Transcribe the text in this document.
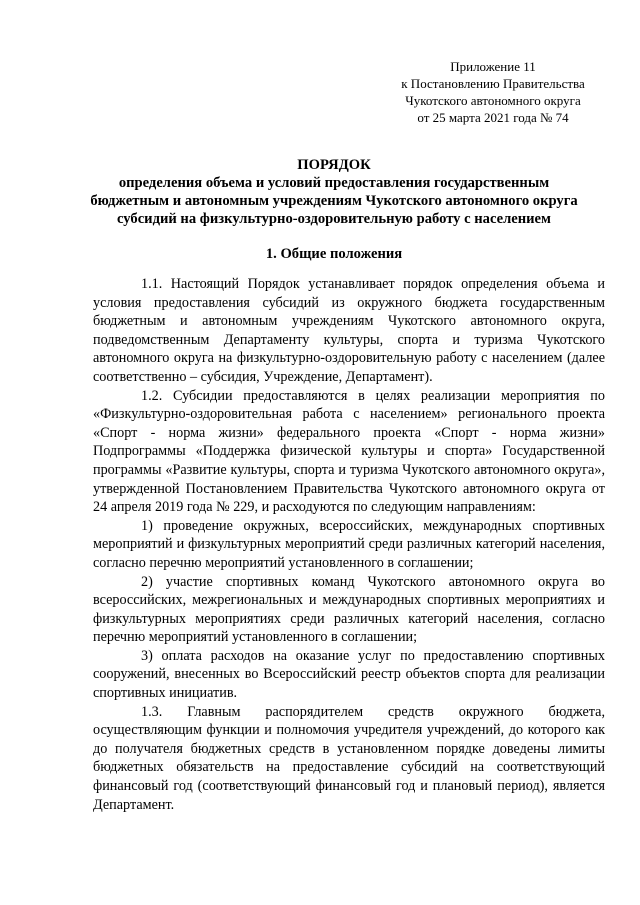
Приложение 11
к Постановлению Правительства
Чукотского автономного округа
от 25 марта 2021 года № 74
ПОРЯДОК
определения объема и условий предоставления государственным
бюджетным и автономным учреждениям Чукотского автономного округа
субсидий на физкультурно-оздоровительную работу с населением
1. Общие положения

1.1. Настоящий Порядок устанавливает порядок определения объема и условия предоставления субсидий из окружного бюджета государственным бюджетным и автономным учреждениям Чукотского автономного округа, подведомственным Департаменту культуры, спорта и туризма Чукотского автономного округа на физкультурно-оздоровительную работу с населением (далее соответственно – субсидия, Учреждение, Департамент).

1.2. Субсидии предоставляются в целях реализации мероприятия по «Физкультурно-оздоровительная работа с населением» регионального проекта «Спорт - норма жизни» федерального проекта «Спорт - норма жизни» Подпрограммы «Поддержка физической культуры и спорта» Государственной программы «Развитие культуры, спорта и туризма Чукотского автономного округа», утвержденной Постановлением Правительства Чукотского автономного округа от 24 апреля 2019 года № 229, и расходуются по следующим направлениям:

1) проведение окружных, всероссийских, международных спортивных мероприятий и физкультурных мероприятий среди различных категорий населения, согласно перечню мероприятий установленного в соглашении;

2) участие спортивных команд Чукотского автономного округа во всероссийских, межрегиональных и международных спортивных мероприятиях и физкультурных мероприятиях среди различных категорий населения, согласно перечню мероприятий установленного в соглашении;

3) оплата расходов на оказание услуг по предоставлению спортивных сооружений, внесенных во Всероссийский реестр объектов спорта для реализации спортивных инициатив.

1.3. Главным распорядителем средств окружного бюджета, осуществляющим функции и полномочия учредителя учреждений, до которого как до получателя бюджетных средств в установленном порядке доведены лимиты бюджетных обязательств на предоставление субсидий на соответствующий финансовый год (соответствующий финансовый год и плановый период), является Департамент.
